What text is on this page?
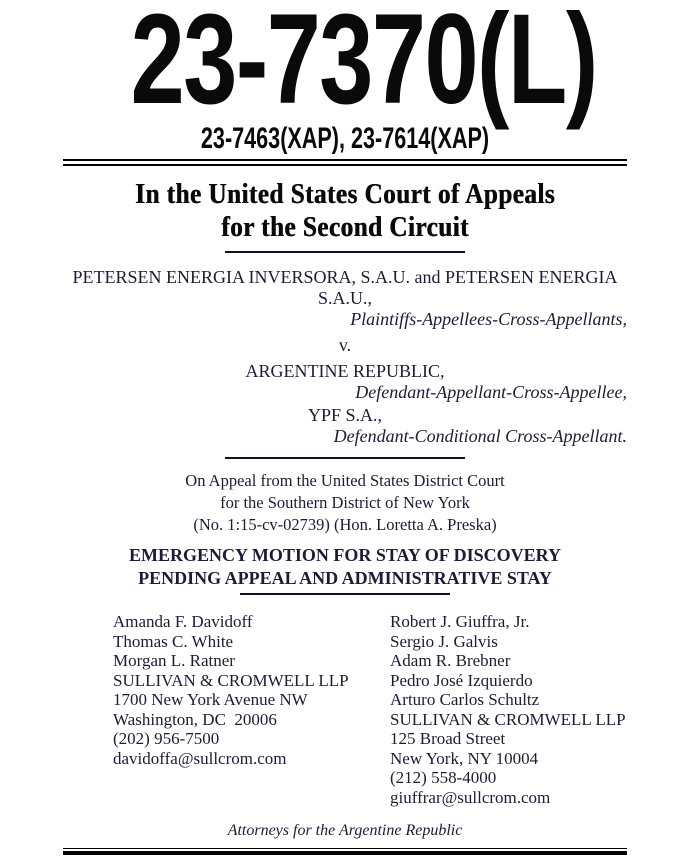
23-7370(L)
23-7463(XAP), 23-7614(XAP)
In the United States Court of Appeals
for the Second Circuit
PETERSEN ENERGIA INVERSORA, S.A.U. and PETERSEN ENERGIA
S.A.U.,
Plaintiffs-Appellees-Cross-Appellants,
v.
ARGENTINE REPUBLIC,
Defendant-Appellant-Cross-Appellee,
YPF S.A.,
Defendant-Conditional Cross-Appellant.
On Appeal from the United States District Court
for the Southern District of New York
(No. 1:15-cv-02739) (Hon. Loretta A. Preska)
EMERGENCY MOTION FOR STAY OF DISCOVERY
PENDING APPEAL AND ADMINISTRATIVE STAY
Amanda F. Davidoff
Thomas C. White
Morgan L. Ratner
SULLIVAN & CROMWELL LLP
1700 New York Avenue NW
Washington, DC  20006
(202) 956-7500
davidoffa@sullcrom.com
Robert J. Giuffra, Jr.
Sergio J. Galvis
Adam R. Brebner
Pedro José Izquierdo
Arturo Carlos Schultz
SULLIVAN & CROMWELL LLP
125 Broad Street
New York, NY 10004
(212) 558-4000
giuffrar@sullcrom.com
Attorneys for the Argentine Republic
